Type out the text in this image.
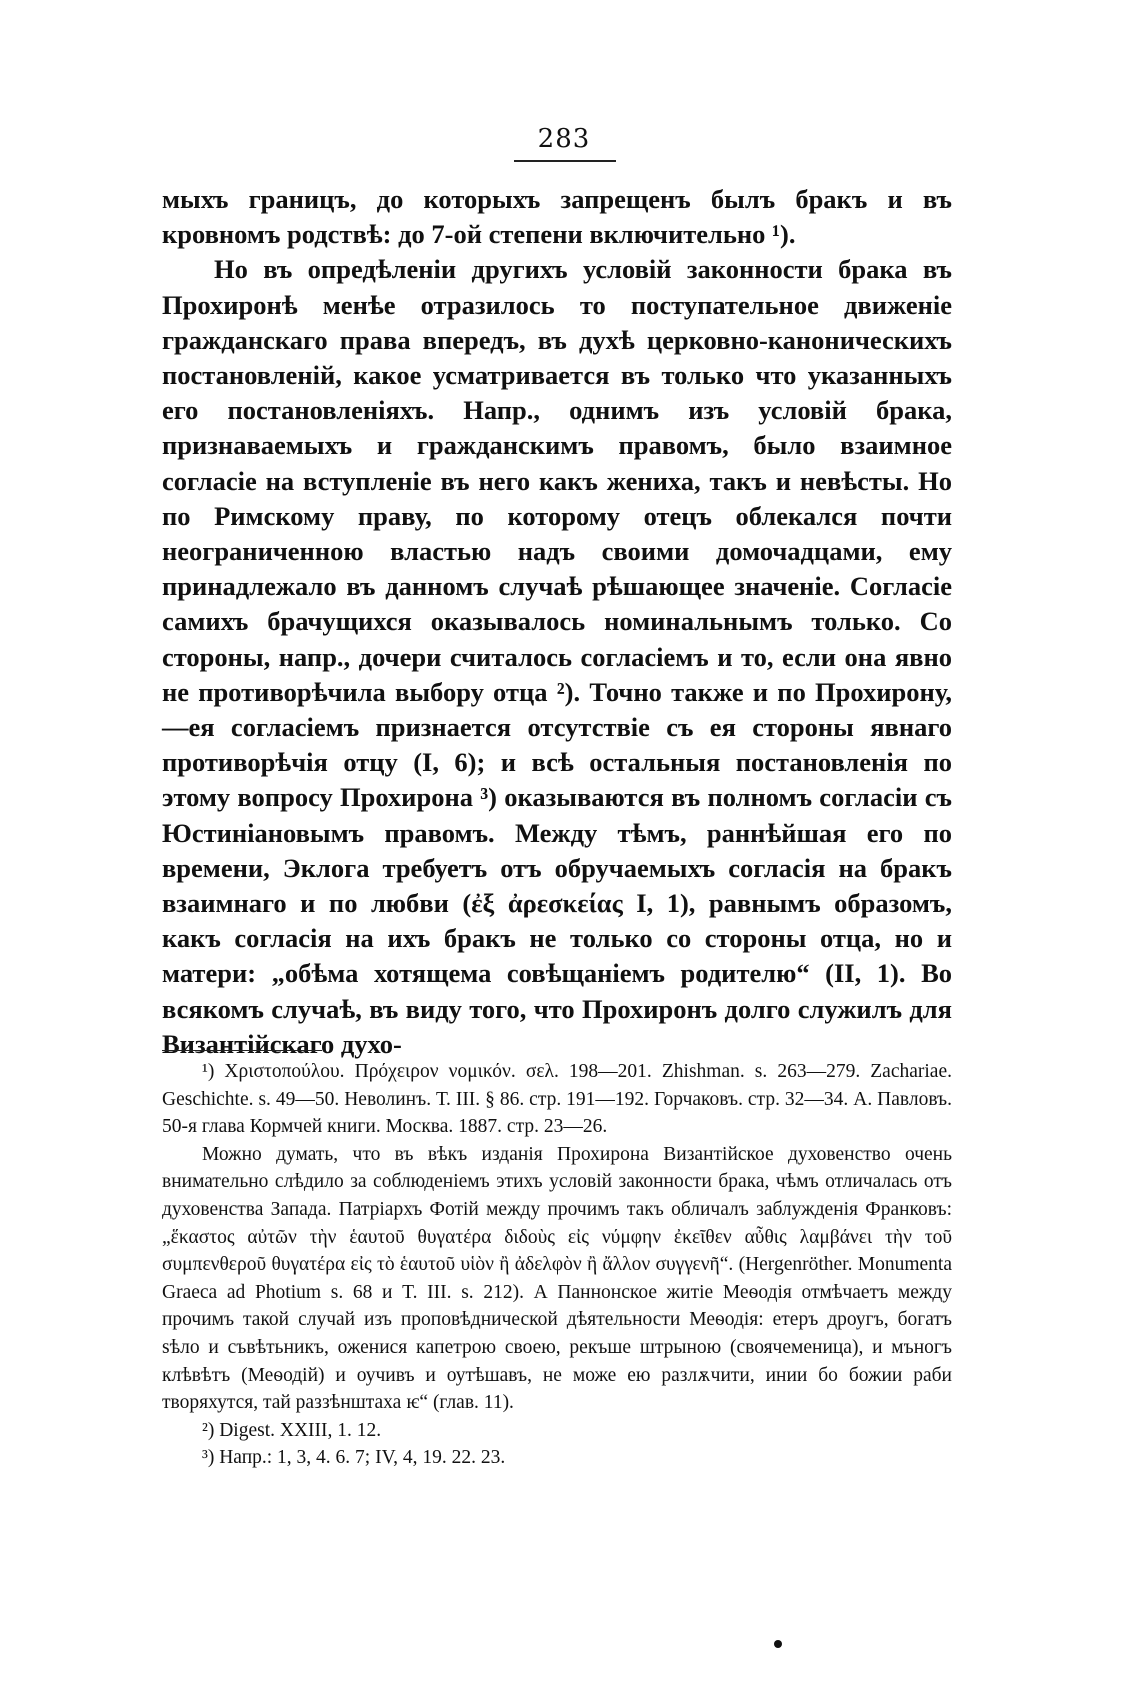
283

мыхъ границъ, до которыхъ запрещенъ былъ бракъ и въ кровномъ родствѣ: до 7-ой степени включительно ¹).

Но въ опредѣленіи другихъ условій законности брака въ Прохиронѣ менѣе отразилось то поступательное движеніе гражданскаго права впередъ, въ духѣ церковно-каноническихъ постановленій, какое усматривается въ только что указанныхъ его постановленіяхъ. Напр., однимъ изъ условій брака, признаваемыхъ и гражданскимъ правомъ, было взаимное согласіе на вступленіе въ него какъ жениха, такъ и невѣсты. Но по Римскому праву, по которому отецъ облекался почти неограниченною властью надъ своими домочадцами, ему принадлежало въ данномъ случаѣ рѣшающее значеніе. Согласіе самихъ брачущихся оказывалось номинальнымъ только. Со стороны, напр., дочери считалось согласіемъ и то, если она явно не противорѣчила выбору отца ²). Точно также и по Прохирону,—ея согласіемъ признается отсутствіе съ ея стороны явнаго противорѣчія отцу (I, 6); и всѣ остальныя постановленія по этому вопросу Прохирона ³) оказываются въ полномъ согласіи съ Юстиніановымъ правомъ. Между тѣмъ, раннѣйшая его по времени, Эклога требуетъ отъ обручаемыхъ согласія на бракъ взаимнаго и по любви (ἐξ ἀρεσκείας I, 1), равнымъ образомъ, какъ согласія на ихъ бракъ не только со стороны отца, но и матери: „обѣма хотящема совѣщаніемъ родителю“ (II, 1). Во всякомъ случаѣ, въ виду того, что Прохиронъ долго служилъ для Византійскаго духо-

¹) Χριστοπούλου. Πρόχειρον νομικόν. σελ. 198—201. Zhishman. s. 263—279. Zachariae. Geschichte. s. 49—50. Неволинъ. Т. III. § 86. стр. 191—192. Горчаковъ. стр. 32—34. А. Павловъ. 50-я глава Кормчей книги. Москва. 1887. стр. 23—26.

Можно думать, что въ вѣкъ изданія Прохирона Византійское духовенство очень внимательно слѣдило за соблюденіемъ этихъ условій законности брака, чѣмъ отличалась отъ духовенства Запада. Патріархъ Фотій между прочимъ такъ обличалъ заблужденія Франковъ: „ἕκαστος αὐτῶν τὴν ἑαυτοῦ θυγατέρα διδοὺς εἰς νύμφην ἐκεῖθεν αὖθις λαμβάνει τὴν τοῦ συμπενθεροῦ θυγατέρα εἰς τὸ ἑαυτοῦ υἱὸν ἢ ἀδελφὸν ἢ ἄλλον συγγενῆ“. (Hergenröther. Monumenta Graeca ad Photium s. 68 и T. III. s. 212). А Паннонское житіе Меѳодія отмѣчаетъ между прочимъ такой случай изъ проповѣднической дѣятельности Меѳодія: етеръ дроугъ, богатъ ѕѣло и съвѣтьникъ, оженися кaпетрою своею, рекъше штрыною (своячеменица), и мъногъ клѣвѣтъ (Меѳодій) и оучивъ и оутѣшавъ, не може ею разлѫчити, инии бо божии раби творяхутся, тай раззѣнштаха ѥ“ (глав. 11).

²) Digest. XXIII, 1. 12.

³) Напр.: 1, 3, 4. 6. 7; IV, 4, 19. 22. 23.
